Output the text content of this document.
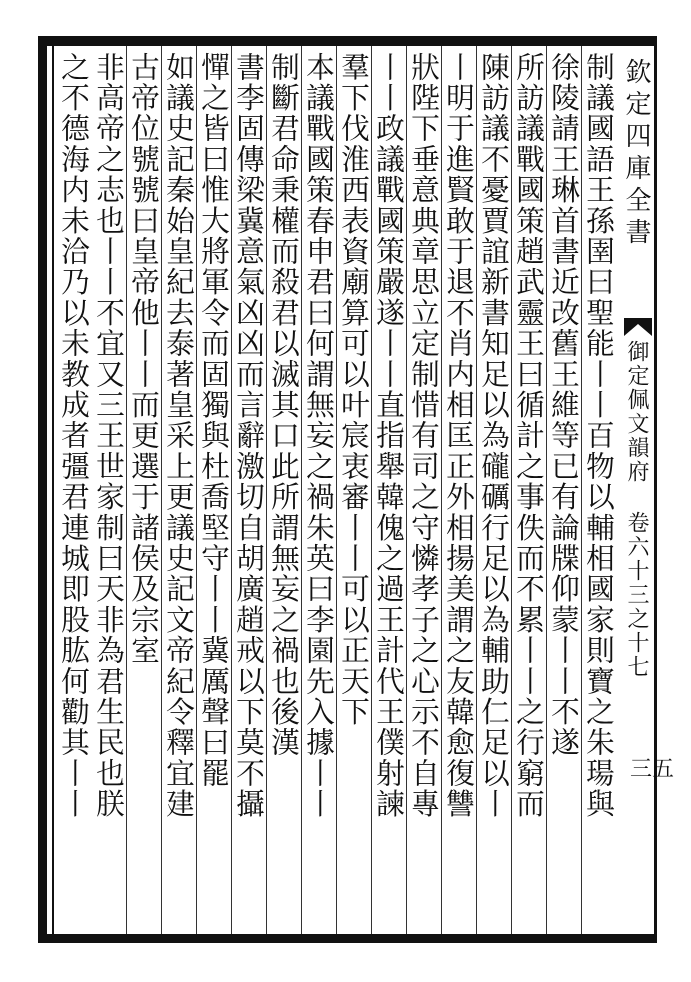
欽定四庫全書
御定佩文韻府 卷六十三之十七
三五
制議國語王孫圉曰聖能丨丨百物以輔相國家則寶之朱瑒與
徐陵請王琳首書近改舊王維等已有論牒仰蒙丨丨不遂
所訪議戰國策趙武靈王曰循計之事佚而不累丨丨之行窮而
陳訪議不憂賈誼新書知足以為礲礪行足以為輔助仁足以丨
丨明于進賢敢于退不肖内相匡正外相揚美謂之友韓愈復讐
狀陛下垂意典章思立定制惜有司之守憐孝子之心示不自專
丨丨政議戰國策嚴遂丨丨直指舉韓傀之過王計代王僕射諫
羣下伐淮西表資廟算可以叶宸衷審丨丨可以正天下
本議戰國策春申君曰何謂無妄之禍朱英曰李園先入據丨丨
制斷君命秉權而殺君以滅其口此所謂無妄之禍也後漢
書李固傳梁冀意氣凶凶而言辭激切自胡廣趙戒以下莫不攝
憚之皆曰惟大將軍令而固獨與杜喬堅守丨丨冀厲聲曰罷
如議史記秦始皇紀去泰著皇采上更議史記文帝紀令釋宜建
古帝位號號曰皇帝他丨丨而更選于諸侯及宗室
非高帝之志也丨丨不宜又三王世家制曰天非為君生民也朕
之不德海内未洽乃以未教成者彊君連城即股肱何勸其丨丨
